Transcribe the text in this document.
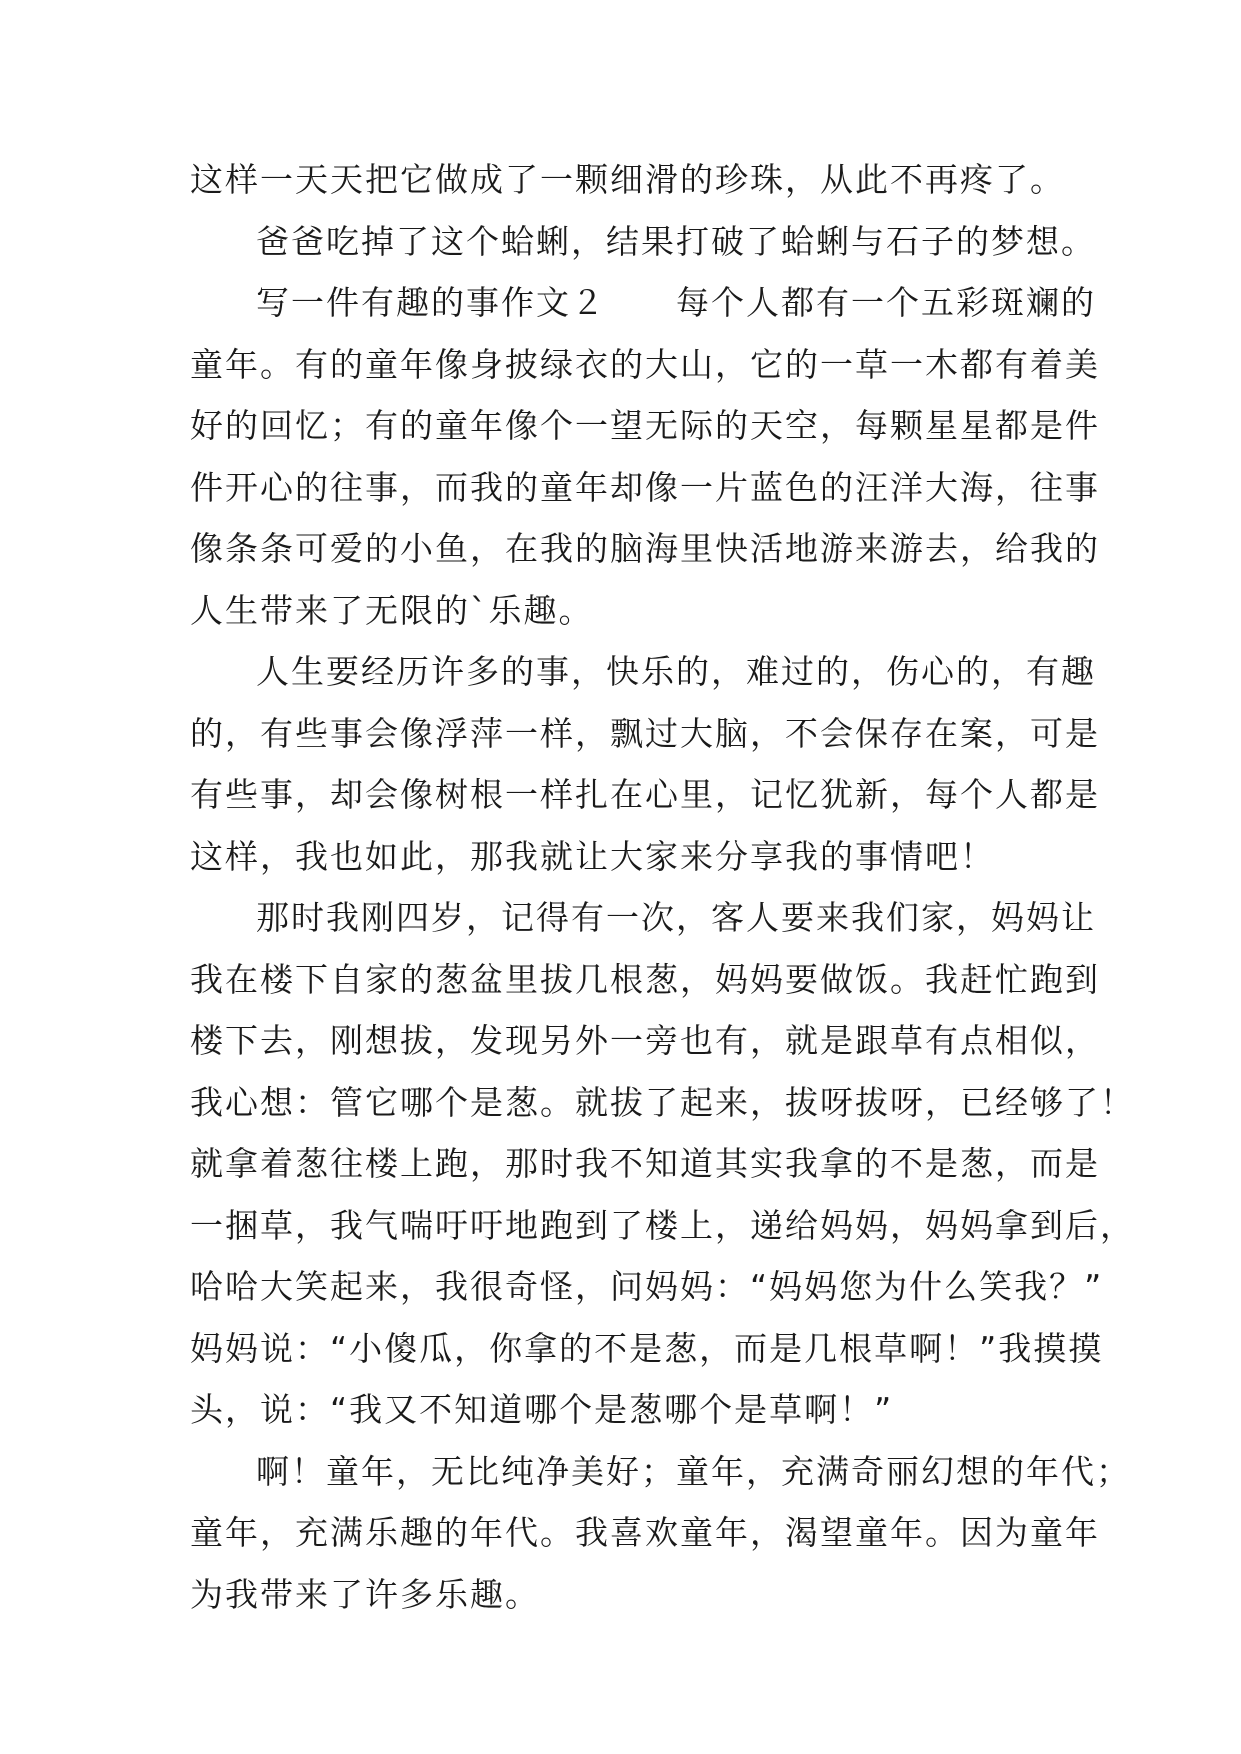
这样一天天把它做成了一颗细滑的珍珠，从此不再疼了。
爸爸吃掉了这个蛤蜊，结果打破了蛤蜊与石子的梦想。
写一件有趣的事作文２　　每个人都有一个五彩斑斓的
童年。有的童年像身披绿衣的大山，它的一草一木都有着美
好的回忆；有的童年像个一望无际的天空，每颗星星都是件
件开心的往事，而我的童年却像一片蓝色的汪洋大海，往事
像条条可爱的小鱼，在我的脑海里快活地游来游去，给我的
人生带来了无限的`乐趣。
人生要经历许多的事，快乐的，难过的，伤心的，有趣
的，有些事会像浮萍一样，飘过大脑，不会保存在案，可是
有些事，却会像树根一样扎在心里，记忆犹新，每个人都是
这样，我也如此，那我就让大家来分享我的事情吧！
那时我刚四岁，记得有一次，客人要来我们家，妈妈让
我在楼下自家的葱盆里拔几根葱，妈妈要做饭。我赶忙跑到
楼下去，刚想拔，发现另外一旁也有，就是跟草有点相似，
我心想：管它哪个是葱。就拔了起来，拔呀拔呀，已经够了！
就拿着葱往楼上跑，那时我不知道其实我拿的不是葱，而是
一捆草，我气喘吁吁地跑到了楼上，递给妈妈，妈妈拿到后，
哈哈大笑起来，我很奇怪，问妈妈：“妈妈您为什么笑我？”
妈妈说：“小傻瓜，你拿的不是葱，而是几根草啊！”我摸摸
头，说：“我又不知道哪个是葱哪个是草啊！”
啊！童年，无比纯净美好；童年，充满奇丽幻想的年代；
童年，充满乐趣的年代。我喜欢童年，渴望童年。因为童年
为我带来了许多乐趣。
